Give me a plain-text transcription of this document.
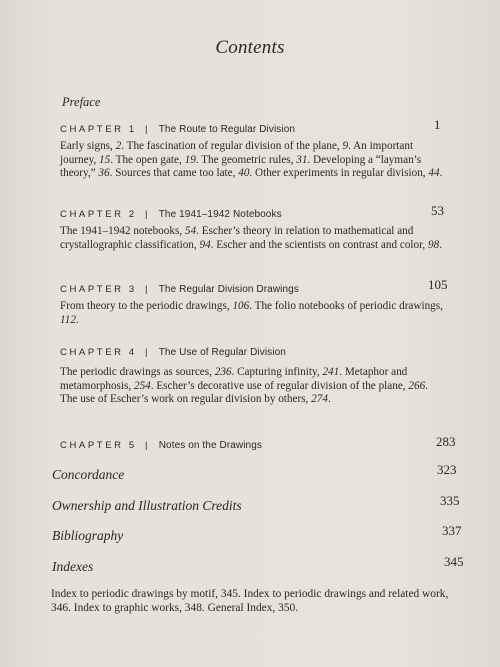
Contents
Preface
CHAPTER 1 | The Route to Regular Division	1
Early signs, 2. The fascination of regular division of the plane, 9. An important journey, 15. The open gate, 19. The geometric rules, 31. Developing a “layman’s theory,” 36. Sources that came too late, 40. Other experiments in regular division, 44.
CHAPTER 2 | The 1941–1942 Notebooks	53
The 1941–1942 notebooks, 54. Escher’s theory in relation to mathematical and crystallographic classification, 94. Escher and the scientists on contrast and color, 98.
CHAPTER 3 | The Regular Division Drawings	105
From theory to the periodic drawings, 106. The folio notebooks of periodic drawings, 112.
CHAPTER 4 | The Use of Regular Division
The periodic drawings as sources, 236. Capturing infinity, 241. Metaphor and metamorphosis, 254. Escher’s decorative use of regular division of the plane, 266. The use of Escher’s work on regular division by others, 274.
CHAPTER 5 | Notes on the Drawings	283
Concordance	323
Ownership and Illustration Credits	335
Bibliography	337
Indexes	345
Index to periodic drawings by motif, 345. Index to periodic drawings and related work, 346. Index to graphic works, 348. General Index, 350.
